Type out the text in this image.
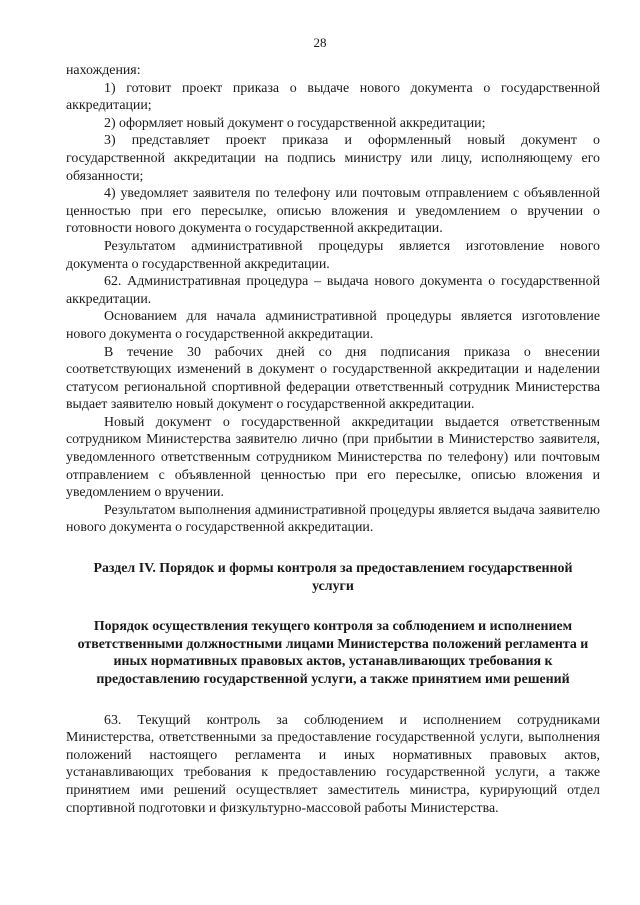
28

нахождения:

1) готовит проект приказа о выдаче нового документа о государственной аккредитации;

2) оформляет новый документ о государственной аккредитации;

3) представляет проект приказа и оформленный новый документ о государственной аккредитации на подпись министру или лицу, исполняющему его обязанности;

4) уведомляет заявителя по телефону или почтовым отправлением с объявленной ценностью при его пересылке, описью вложения и уведомлением о вручении о готовности нового документа о государственной аккредитации.

Результатом административной процедуры является изготовление нового документа о государственной аккредитации.

62. Административная процедура – выдача нового документа о государственной аккредитации.

Основанием для начала административной процедуры является изготовление нового документа о государственной аккредитации.

В течение 30 рабочих дней со дня подписания приказа о внесении соответствующих изменений в документ о государственной аккредитации и наделении статусом региональной спортивной федерации ответственный сотрудник Министерства выдает заявителю новый документ о государственной аккредитации.

Новый документ о государственной аккредитации выдается ответственным сотрудником Министерства заявителю лично (при прибытии в Министерство заявителя, уведомленного ответственным сотрудником Министерства по телефону) или почтовым отправлением с объявленной ценностью при его пересылке, описью вложения и уведомлением о вручении.

Результатом выполнения административной процедуры является выдача заявителю нового документа о государственной аккредитации.

Раздел IV. Порядок и формы контроля за предоставлением государственной услуги
Порядок осуществления текущего контроля за соблюдением и исполнением ответственными должностными лицами Министерства положений регламента и иных нормативных правовых актов, устанавливающих требования к предоставлению государственной услуги, а также принятием ими решений

63. Текущий контроль за соблюдением и исполнением сотрудниками Министерства, ответственными за предоставление государственной услуги, выполнения положений настоящего регламента и иных нормативных правовых актов, устанавливающих требования к предоставлению государственной услуги, а также принятием ими решений осуществляет заместитель министра, курирующий отдел спортивной подготовки и физкультурно-массовой работы Министерства.
